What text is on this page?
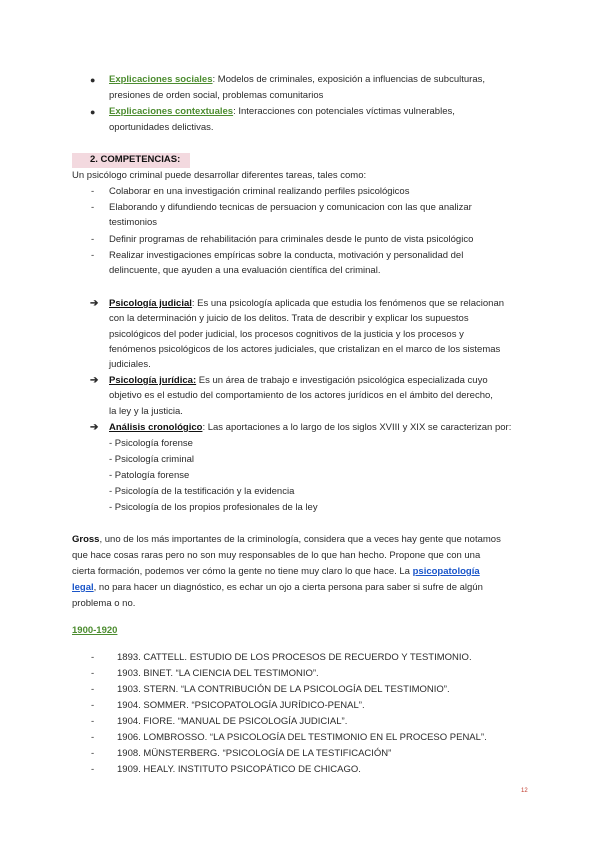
● Explicaciones sociales: Modelos de criminales, exposición a influencias de subculturas,
presiones de orden social, problemas comunitarios
● Explicaciones contextuales: Interacciones con potenciales víctimas vulnerables,
oportunidades delictivas.
2. COMPETENCIAS:
Un psicólogo criminal puede desarrollar diferentes tareas, tales como:
- Colaborar en una investigación criminal realizando perfiles psicológicos
- Elaborando y difundiendo tecnicas de persuacion y comunicacion con las que analizar
testimonios
- Definir programas de rehabilitación para criminales desde le punto de vista psicológico
- Realizar investigaciones empíricas sobre la conducta, motivación y personalidad del
delincuente, que ayuden a una evaluación científica del criminal.
➔ Psicología judicial: Es una psicología aplicada que estudia los fenómenos que se relacionan
con la determinación y juicio de los delitos. Trata de describir y explicar los supuestos
psicológicos del poder judicial, los procesos cognitivos de la justicia y los procesos y
fenómenos psicológicos de los actores judiciales, que cristalizan en el marco de los sistemas
judiciales.
➔ Psicología jurídica: Es un área de trabajo e investigación psicológica especializada cuyo
objetivo es el estudio del comportamiento de los actores jurídicos en el ámbito del derecho,
la ley y la justicia.
➔ Análisis cronológico: Las aportaciones a lo largo de los siglos XVIII y XIX se caracterizan por:
- Psicología forense
- Psicología criminal
- Patología forense
- Psicología de la testificación y la evidencia
- Psicología de los propios profesionales de la ley
Gross, uno de los más importantes de la criminología, considera que a veces hay gente que notamos
que hace cosas raras pero no son muy responsables de lo que han hecho. Propone que con una
cierta formación, podemos ver cómo la gente no tiene muy claro lo que hace. La psicopatología
legal, no para hacer un diagnóstico, es echar un ojo a cierta persona para saber si sufre de algún
problema o no.
1900-1920
- 1893. CATTELL. ESTUDIO DE LOS PROCESOS DE RECUERDO Y TESTIMONIO.
- 1903. BINET. “LA CIENCIA DEL TESTIMONIO”.
- 1903. STERN. “LA CONTRIBUCIÓN DE LA PSICOLOGÍA DEL TESTIMONIO”.
- 1904. SOMMER. “PSICOPATOLOGÍA JURÍDICO-PENAL”.
- 1904. FIORE. “MANUAL DE PSICOLOGÍA JUDICIAL”.
- 1906. LOMBROSSO. “LA PSICOLOGÍA DEL TESTIMONIO EN EL PROCESO PENAL”.
- 1908. MÜNSTERBERG. “PSICOLOGÍA DE LA TESTIFICACIÓN”
- 1909. HEALY. INSTITUTO PSICOPÁTICO DE CHICAGO.
12
